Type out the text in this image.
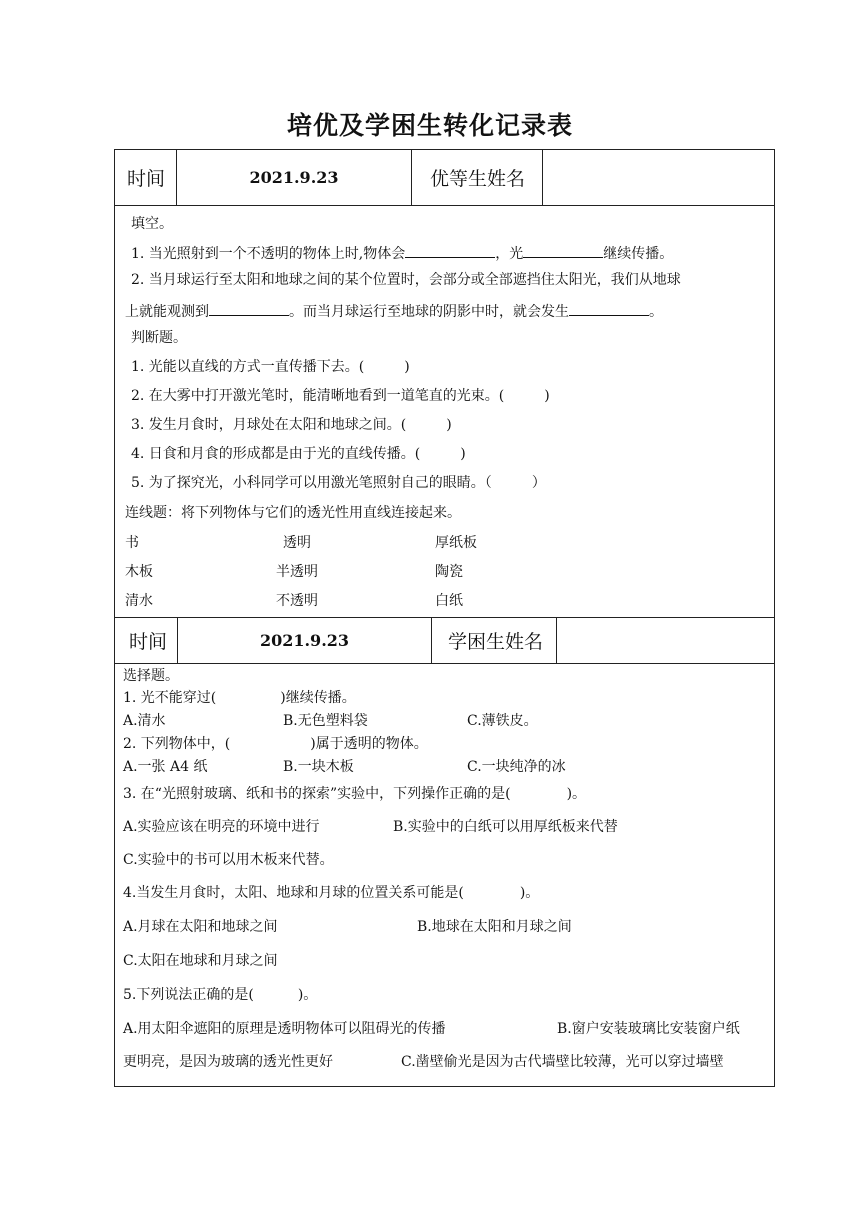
培优及学困生转化记录表
时间	2021.9.23	优等生姓名
填空。
1. 当光照射到一个不透明的物体上时,物体会	，光	继续传播。
2. 当月球运行至太阳和地球之间的某个位置时，会部分或全部遮挡住太阳光，我们从地球
上就能观测到	。而当月球运行至地球的阴影中时，就会发生	。
判断题。
1. 光能以直线的方式一直传播下去。(	)
2. 在大雾中打开激光笔时，能清晰地看到一道笔直的光束。(	)
3. 发生月食时，月球处在太阳和地球之间。(	)
4. 日食和月食的形成都是由于光的直线传播。(	)
5. 为了探究光，小科同学可以用激光笔照射自己的眼睛。（	）
连线题：将下列物体与它们的透光性用直线连接起来。
书	透明	厚纸板
木板	半透明	陶瓷
清水	不透明	白纸
时间	2021.9.23	学困生姓名
选择题。
1. 光不能穿过(	)继续传播。
A.清水	B.无色塑料袋	C.薄铁皮。
2. 下列物体中，(	)属于透明的物体。
A.一张 A4 纸	B.一块木板	C.一块纯净的冰
3. 在“光照射玻璃、纸和书的探索”实验中，下列操作正确的是(	)。
A.实验应该在明亮的环境中进行	B.实验中的白纸可以用厚纸板来代替
C.实验中的书可以用木板来代替。
4.当发生月食时，太阳、地球和月球的位置关系可能是(	)。
A.月球在太阳和地球之间	B.地球在太阳和月球之间
C.太阳在地球和月球之间
5.下列说法正确的是(	)。
A.用太阳伞遮阳的原理是透明物体可以阻碍光的传播	B.窗户安装玻璃比安装窗户纸
更明亮，是因为玻璃的透光性更好	C.凿壁偷光是因为古代墙壁比较薄，光可以穿过墙壁
